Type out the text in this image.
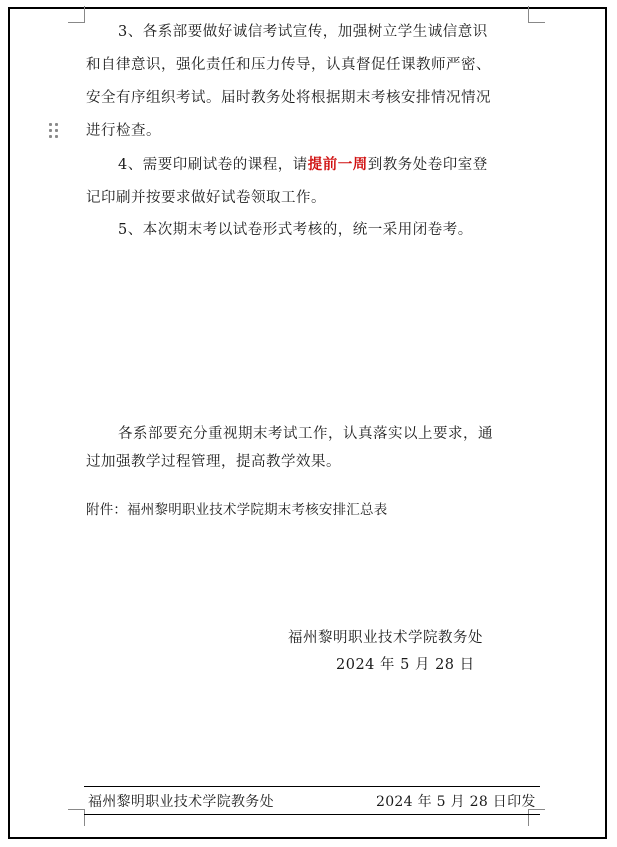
3、各系部要做好诚信考试宣传，加强树立学生诚信意识
和自律意识，强化责任和压力传导，认真督促任课教师严密、
安全有序组织考试。届时教务处将根据期末考核安排情况情况
进行检查。
4、需要印刷试卷的课程，请提前一周到教务处卷印室登
记印刷并按要求做好试卷领取工作。
5、本次期末考以试卷形式考核的，统一采用闭卷考。
各系部要充分重视期末考试工作，认真落实以上要求，通
过加强教学过程管理，提高教学效果。
附件：福州黎明职业技术学院期末考核安排汇总表
福州黎明职业技术学院教务处
2024 年 5 月 28 日
福州黎明职业技术学院教务处	2024 年 5 月 28 日印发
